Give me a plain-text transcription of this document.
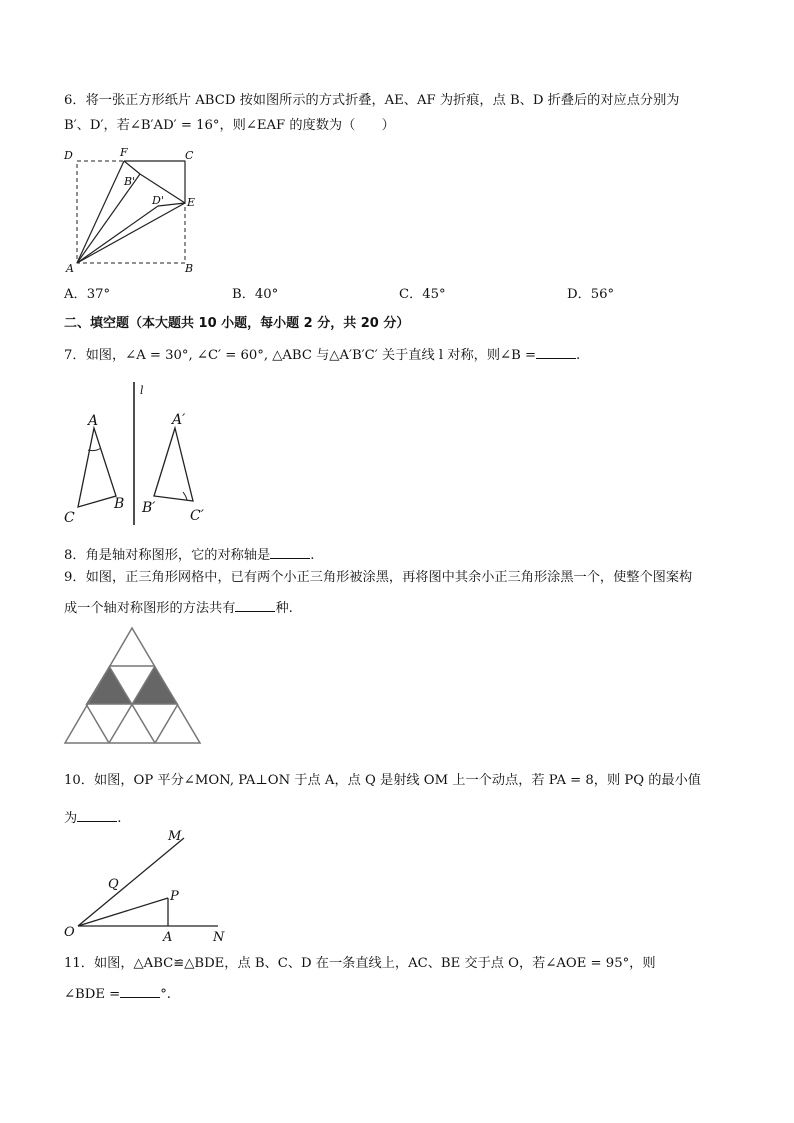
6．将一张正方形纸片 ABCD 按如图所示的方式折叠，AE、AF 为折痕，点 B、D 折叠后的对应点分别为
B′、D′，若∠B′AD′ = 16°，则∠EAF 的度数为（　　）
D	F	C
B'
D' E
A	B
A．37°	B．40°	C．45°	D．56°
二、填空题（本大题共 10 小题，每小题 2 分，共 20 分）
7．如图，∠A = 30°, ∠C′ = 60°, △ABC 与△A′B′C′ 关于直线 l 对称，则∠B =	.
l
A
B
C
A′
B′ C′
8．角是轴对称图形，它的对称轴是	.
9．如图，正三角形网格中，已有两个小正三角形被涂黑，再将图中其余小正三角形涂黑一个，使整个图案构
成一个轴对称图形的方法共有	种.
10．如图，OP 平分∠MON, PA⊥ON 于点 A，点 Q 是射线 OM 上一个动点，若 PA = 8，则 PQ 的最小值
为	.
M
Q
P
O	A	N
11．如图，△ABC≌△BDE，点 B、C、D 在一条直线上，AC、BE 交于点 O，若∠AOE = 95°，则
∠BDE =	°.
